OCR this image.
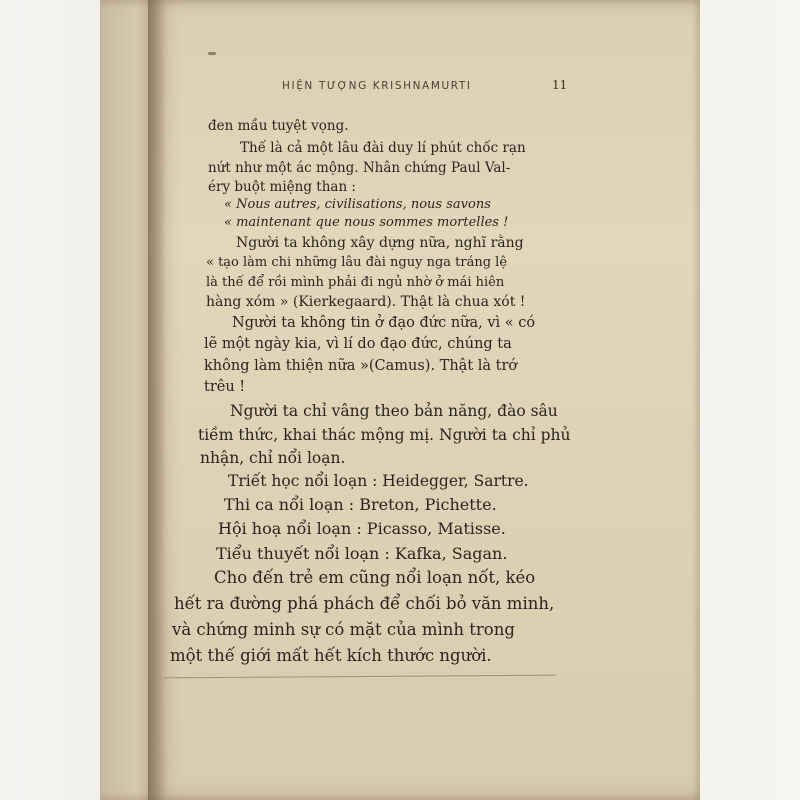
HIỆN TƯỢNG KRISHNAMURTI	11
đen mầu tuyệt vọng.
Thế là cả một lâu đài duy lí phút chốc rạn
nứt như một ác mộng. Nhân chứng Paul Val-
éry buột miệng than :
« Nous autres, civilisations, nous savons
« maintenant que nous sommes mortelles !
Người ta không xây dựng nữa, nghĩ rằng
« tạo làm chi những lâu đài nguy nga tráng lệ
là thế để rồi mình phải đi ngủ nhờ ở mái hiên
hàng xóm » (Kierkegaard). Thật là chua xót !
Người ta không tin ở đạo đức nữa, vì « có
lẽ một ngày kia, vì lí do đạo đức, chúng ta
không làm thiện nữa »(Camus). Thật là trớ
trêu !
Người ta chỉ vâng theo bản năng, đào sâu
tiềm thức, khai thác mộng mị. Người ta chỉ phủ
nhận, chỉ nổi loạn.
Triết học nổi loạn : Heidegger, Sartre.
Thi ca nổi loạn : Breton, Pichette.
Hội hoạ nổi loạn : Picasso, Matisse.
Tiểu thuyết nổi loạn : Kafka, Sagan.
Cho đến trẻ em cũng nổi loạn nốt, kéo
hết ra đường phá phách để chối bỏ văn minh,
và chứng minh sự có mặt của mình trong
một thế giới mất hết kích thước người.
